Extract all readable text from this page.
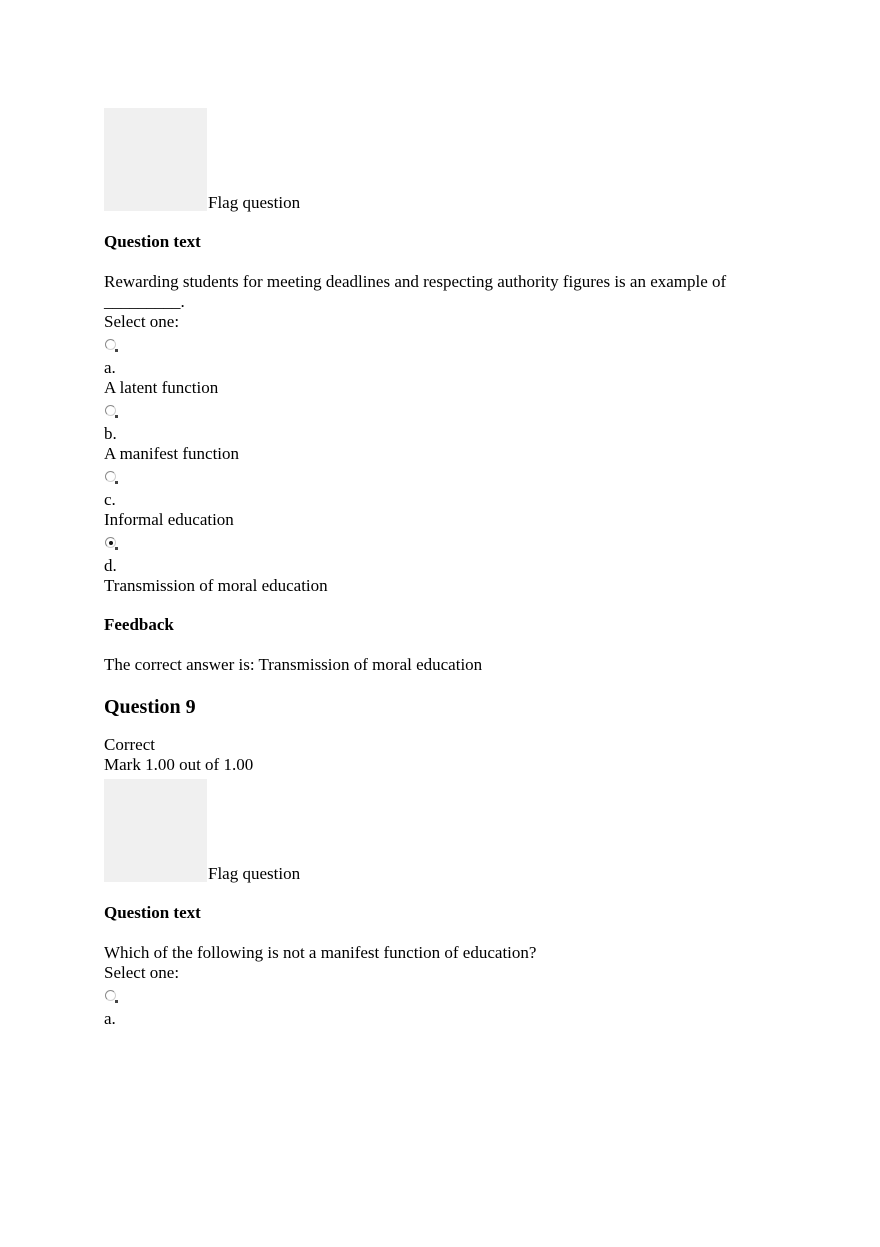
Flag question
Question text
Rewarding students for meeting deadlines and respecting authority figures is an example of
_________.
Select one:
a.
A latent function
b.
A manifest function
c.
Informal education
d.
Transmission of moral education
Feedback
The correct answer is: Transmission of moral education
Question 9
Correct
Mark 1.00 out of 1.00
Flag question
Question text
Which of the following is not a manifest function of education?
Select one:
a.
